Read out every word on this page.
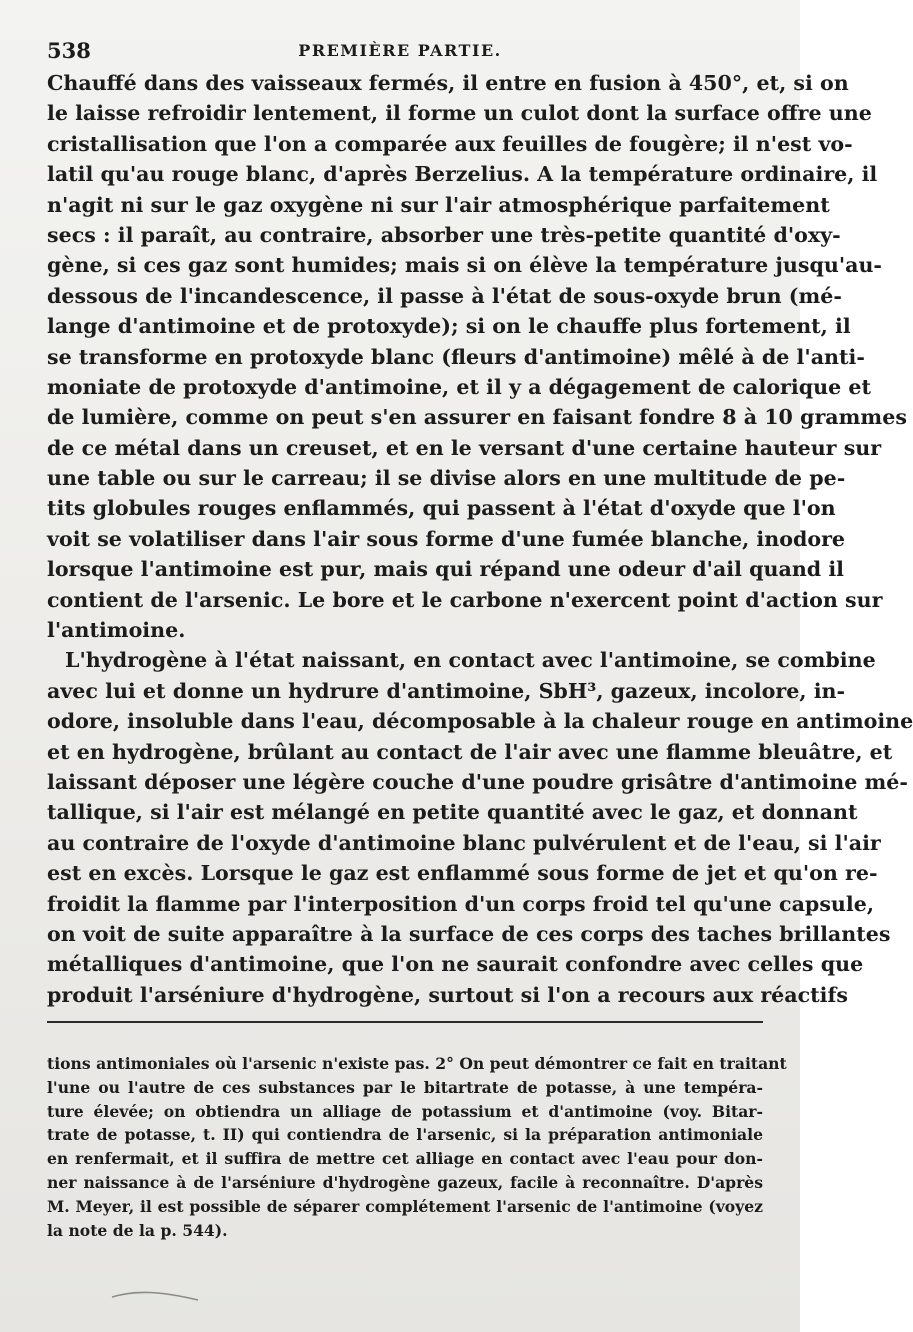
538	PREMIÈRE PARTIE.
Chauffé dans des vaisseaux fermés, il entre en fusion à 450°, et, si on
le laisse refroidir lentement, il forme un culot dont la surface offre une
cristallisation que l'on a comparée aux feuilles de fougère; il n'est vo-
latil qu'au rouge blanc, d'après Berzelius. A la température ordinaire, il
n'agit ni sur le gaz oxygène ni sur l'air atmosphérique parfaitement
secs : il paraît, au contraire, absorber une très-petite quantité d'oxy-
gène, si ces gaz sont humides; mais si on élève la température jusqu'au-
dessous de l'incandescence, il passe à l'état de sous-oxyde brun (mé-
lange d'antimoine et de protoxyde); si on le chauffe plus fortement, il
se transforme en protoxyde blanc (fleurs d'antimoine) mêlé à de l'anti-
moniate de protoxyde d'antimoine, et il y a dégagement de calorique et
de lumière, comme on peut s'en assurer en faisant fondre 8 à 10 grammes
de ce métal dans un creuset, et en le versant d'une certaine hauteur sur
une table ou sur le carreau; il se divise alors en une multitude de pe-
tits globules rouges enflammés, qui passent à l'état d'oxyde que l'on
voit se volatiliser dans l'air sous forme d'une fumée blanche, inodore
lorsque l'antimoine est pur, mais qui répand une odeur d'ail quand il
contient de l'arsenic. Le bore et le carbone n'exercent point d'action sur
l'antimoine.
L'hydrogène à l'état naissant, en contact avec l'antimoine, se combine
avec lui et donne un hydrure d'antimoine, SbH³, gazeux, incolore, in-
odore, insoluble dans l'eau, décomposable à la chaleur rouge en antimoine
et en hydrogène, brûlant au contact de l'air avec une flamme bleuâtre, et
laissant déposer une légère couche d'une poudre grisâtre d'antimoine mé-
tallique, si l'air est mélangé en petite quantité avec le gaz, et donnant
au contraire de l'oxyde d'antimoine blanc pulvérulent et de l'eau, si l'air
est en excès. Lorsque le gaz est enflammé sous forme de jet et qu'on re-
froidit la flamme par l'interposition d'un corps froid tel qu'une capsule,
on voit de suite apparaître à la surface de ces corps des taches brillantes
métalliques d'antimoine, que l'on ne saurait confondre avec celles que
produit l'arséniure d'hydrogène, surtout si l'on a recours aux réactifs
tions antimoniales où l'arsenic n'existe pas. 2° On peut démontrer ce fait en traitant
l'une ou l'autre de ces substances par le bitartrate de potasse, à une tempéra-
ture élevée; on obtiendra un alliage de potassium et d'antimoine (voy. Bitar-
trate de potasse, t. II) qui contiendra de l'arsenic, si la préparation antimoniale
en renfermait, et il suffira de mettre cet alliage en contact avec l'eau pour don-
ner naissance à de l'arséniure d'hydrogène gazeux, facile à reconnaître. D'après
M. Meyer, il est possible de séparer complétement l'arsenic de l'antimoine (voyez
la note de la p. 544).
